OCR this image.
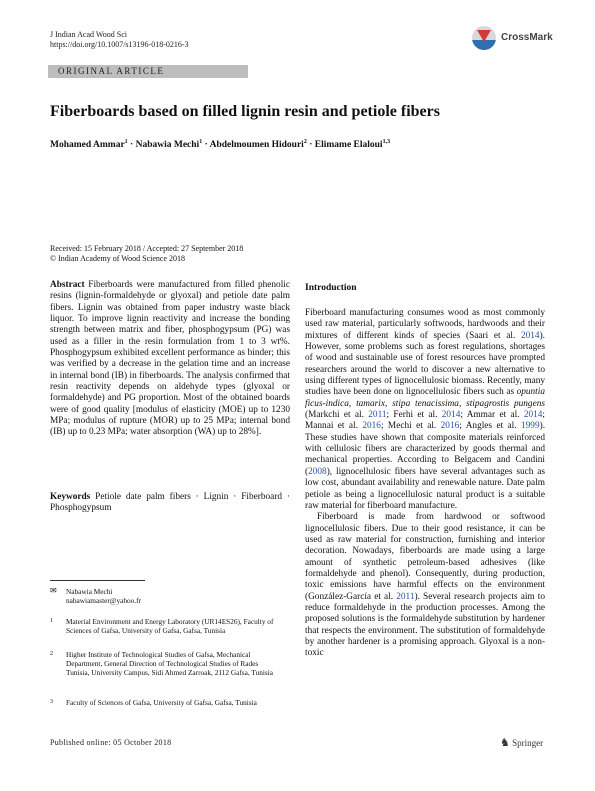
J Indian Acad Wood Sci
https://doi.org/10.1007/s13196-018-0216-3
CrossMark
ORIGINAL ARTICLE
Fiberboards based on filled lignin resin and petiole fibers
Mohamed Ammar$^1$ · Nabawia Mechi$^1$ · Abdelmoumen Hidouri$^2$ · Elimame Elaloui$^{1,3}$
Received: 15 February 2018 / Accepted: 27 September 2018
© Indian Academy of Wood Science 2018
Abstract Fiberboards were manufactured from filled phenolic resins (lignin-formaldehyde or glyoxal) and petiole date palm fibers. Lignin was obtained from paper industry waste black liquor. To improve lignin reactivity and increase the bonding strength between matrix and fiber, phosphogypsum (PG) was used as a filler in the resin formulation from 1 to 3 wt%. Phosphogypsum exhibited excellent performance as binder; this was verified by a decrease in the gelation time and an increase in internal bond (IB) in fiberboards. The analysis confirmed that resin reactivity depends on aldehyde types (glyoxal or formaldehyde) and PG proportion. Most of the obtained boards were of good quality [modulus of elasticity (MOE) up to 1230 MPa; modulus of rupture (MOR) up to 25 MPa; internal bond (IB) up to 0.23 MPa; water absorption (WA) up to 28%].
Keywords Petiole date palm fibers · Lignin · Fiberboard · Phosphogypsum
✉ Nabawia Mechi
nabawiamaster@yahoo.fr
1	Material Environment and Energy Laboratory (UR14ES26), Faculty of Sciences of Gafsa, University of Gafsa, Gafsa, Tunisia
2	Higher Institute of Technological Studies of Gafsa, Mechanical Department, General Direction of Technological Studies of Rades Tunisia, University Campus, Sidi Ahmed Zarroak, 2112 Gafsa, Tunisia
3	Faculty of Sciences of Gafsa, University of Gafsa, Gafsa, Tunisia
Introduction

Fiberboard manufacturing consumes wood as most commonly used raw material, particularly softwoods, hardwoods and their mixtures of different kinds of species (Saari et al. 2014). However, some problems such as forest regulations, shortages of wood and sustainable use of forest resources have prompted researchers around the world to discover a new alternative to using different types of lignocellulosic biomass. Recently, many studies have been done on lignocellulosic fibers such as opuntia ficus-indica, tamarix, stipa tenacissima, stipagrostis pungens (Markchi et al. 2011; Ferhi et al. 2014; Ammar et al. 2014; Mannai et al. 2016; Mechi et al. 2016; Angles et al. 1999). These studies have shown that composite materials reinforced with cellulosic fibers are characterized by goods thermal and mechanical properties. According to Belgacem and Candini (2008), lignocellulosic fibers have several advantages such as low cost, abundant availability and renewable nature. Date palm petiole as being a lignocellulosic natural product is a suitable raw material for fiberboard manufacture.

Fiberboard is made from hardwood or softwood lignocellulosic fibers. Due to their good resistance, it can be used as raw material for construction, furnishing and interior decoration. Nowadays, fiberboards are made using a large amount of synthetic petroleum-based adhesives (like formaldehyde and phenol). Consequently, during production, toxic emissions have harmful effects on the environment (González-García et al. 2011). Several research projects aim to reduce formaldehyde in the production processes. Among the proposed solutions is the formaldehyde substitution by hardener that respects the environment. The substitution of formaldehyde by another hardener is a promising approach. Glyoxal is a non-toxic

Published online: 05 October 2018	♞ Springer
